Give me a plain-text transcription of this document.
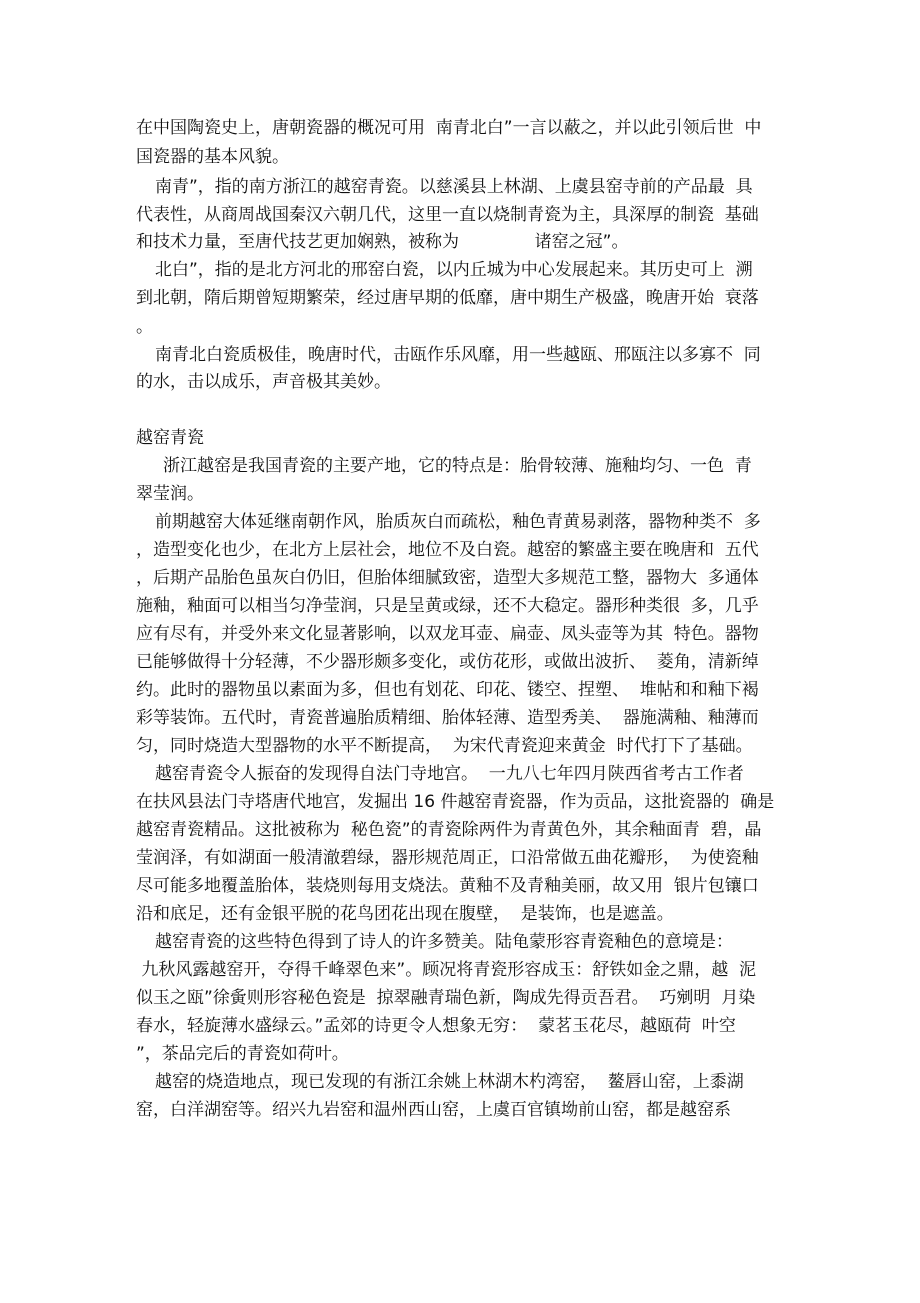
在中国陶瓷史上，唐朝瓷器的概况可用  南青北白”一言以蔽之，并以此引领后世  中
国瓷器的基本风貌。
南青”，指的南方浙江的越窑青瓷。以慈溪县上林湖、上虞县窑寺前的产品最  具
代表性，从商周战国秦汉六朝几代，这里一直以烧制青瓷为主，具深厚的制瓷  基础
和技术力量，至唐代技艺更加娴熟，被称为              诸窑之冠”。
北白”，指的是北方河北的邢窑白瓷，以内丘城为中心发展起来。其历史可上  溯
到北朝，隋后期曾短期繁荣，经过唐早期的低靡，唐中期生产极盛，晚唐开始  衰落
。
南青北白瓷质极佳，晚唐时代，击瓯作乐风靡，用一些越瓯、邢瓯注以多寡不  同
的水，击以成乐，声音极其美妙。
越窑青瓷
浙江越窑是我国青瓷的主要产地，它的特点是：胎骨较薄、施釉均匀、一色  青
翠莹润。
前期越窑大体延继南朝作风，胎质灰白而疏松，釉色青黄易剥落，器物种类不  多
，造型变化也少，在北方上层社会，地位不及白瓷。越窑的繁盛主要在晚唐和  五代
，后期产品胎色虽灰白仍旧，但胎体细腻致密，造型大多规范工整，器物大  多通体
施釉，釉面可以相当匀净莹润，只是呈黄或绿，还不大稳定。器形种类很  多，几乎
应有尽有，并受外来文化显著影响，以双龙耳壶、扁壶、凤头壶等为其  特色。器物
已能够做得十分轻薄，不少器形颇多变化，或仿花形，或做出波折、  菱角，清新绰
约。此时的器物虽以素面为多，但也有划花、印花、镂空、捏塑、  堆帖和和釉下褐
彩等装饰。五代时，青瓷普遍胎质精细、胎体轻薄、造型秀美、  器施满釉、釉薄而
匀，同时烧造大型器物的水平不断提高，  为宋代青瓷迎来黄金  时代打下了基础。
越窑青瓷令人振奋的发现得自法门寺地宫。  一九八七年四月陕西省考古工作者
在扶风县法门寺塔唐代地宫，发掘出 16 件越窑青瓷器，作为贡品，这批瓷器的  确是
越窑青瓷精品。这批被称为  秘色瓷”的青瓷除两件为青黄色外，其余釉面青  碧，晶
莹润泽，有如湖面一般清澈碧绿，器形规范周正，口沿常做五曲花瓣形，  为使瓷釉
尽可能多地覆盖胎体，装烧则每用支烧法。黄釉不及青釉美丽，故又用  银片包镶口
沿和底足，还有金银平脱的花鸟团花出现在腹壁，  是装饰，也是遮盖。
越窑青瓷的这些特色得到了诗人的许多赞美。陆龟蒙形容青瓷釉色的意境是：
九秋风露越窑开，夺得千峰翠色来”。顾况将青瓷形容成玉：舒铁如金之鼎，越  泥
似玉之瓯”徐夤则形容秘色瓷是  掠翠融青瑞色新，陶成先得贡吾君。  巧剜明  月染
春水，轻旋薄水盛绿云。”孟郊的诗更令人想象无穷：  蒙茗玉花尽，越瓯荷  叶空
”，茶品完后的青瓷如荷叶。
越窑的烧造地点，现已发现的有浙江余姚上林湖木杓湾窑，  鳌唇山窑，上黍湖
窑，白洋湖窑等。绍兴九岩窑和温州西山窑，上虞百官镇坳前山窑，都是越窑系
